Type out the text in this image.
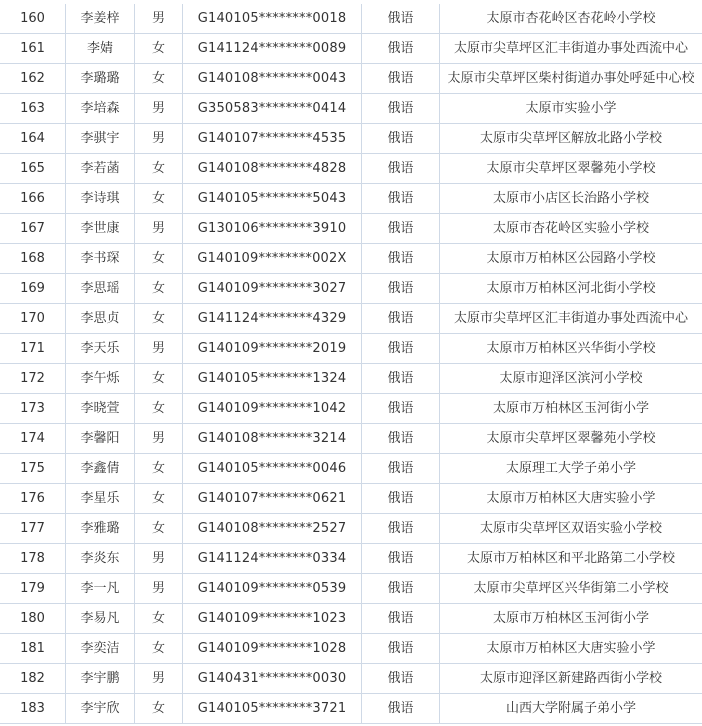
160	李姜梓	男	G140105********0018	俄语	太原市杏花岭区杏花岭小学校
161	李婧	女	G141124********0089	俄语	太原市尖草坪区汇丰街道办事处西流中心
162	李璐璐	女	G140108********0043	俄语	太原市尖草坪区柴村街道办事处呼延中心校
163	李培森	男	G350583********0414	俄语	太原市实验小学
164	李骐宇	男	G140107********4535	俄语	太原市尖草坪区解放北路小学校
165	李若菡	女	G140108********4828	俄语	太原市尖草坪区翠馨苑小学校
166	李诗琪	女	G140105********5043	俄语	太原市小店区长治路小学校
167	李世康	男	G130106********3910	俄语	太原市杏花岭区实验小学校
168	李书琛	女	G140109********002X	俄语	太原市万柏林区公园路小学校
169	李思瑶	女	G140109********3027	俄语	太原市万柏林区河北街小学校
170	李思贞	女	G141124********4329	俄语	太原市尖草坪区汇丰街道办事处西流中心
171	李天乐	男	G140109********2019	俄语	太原市万柏林区兴华街小学校
172	李午烁	女	G140105********1324	俄语	太原市迎泽区滨河小学校
173	李晓萱	女	G140109********1042	俄语	太原市万柏林区玉河街小学
174	李馨阳	男	G140108********3214	俄语	太原市尖草坪区翠馨苑小学校
175	李鑫倩	女	G140105********0046	俄语	太原理工大学子弟小学
176	李星乐	女	G140107********0621	俄语	太原市万柏林区大唐实验小学
177	李雅璐	女	G140108********2527	俄语	太原市尖草坪区双语实验小学校
178	李炎东	男	G141124********0334	俄语	太原市万柏林区和平北路第二小学校
179	李一凡	男	G140109********0539	俄语	太原市尖草坪区兴华街第二小学校
180	李易凡	女	G140109********1023	俄语	太原市万柏林区玉河街小学
181	李奕洁	女	G140109********1028	俄语	太原市万柏林区大唐实验小学
182	李宇鹏	男	G140431********0030	俄语	太原市迎泽区新建路西街小学校
183	李宇欣	女	G140105********3721	俄语	山西大学附属子弟小学
